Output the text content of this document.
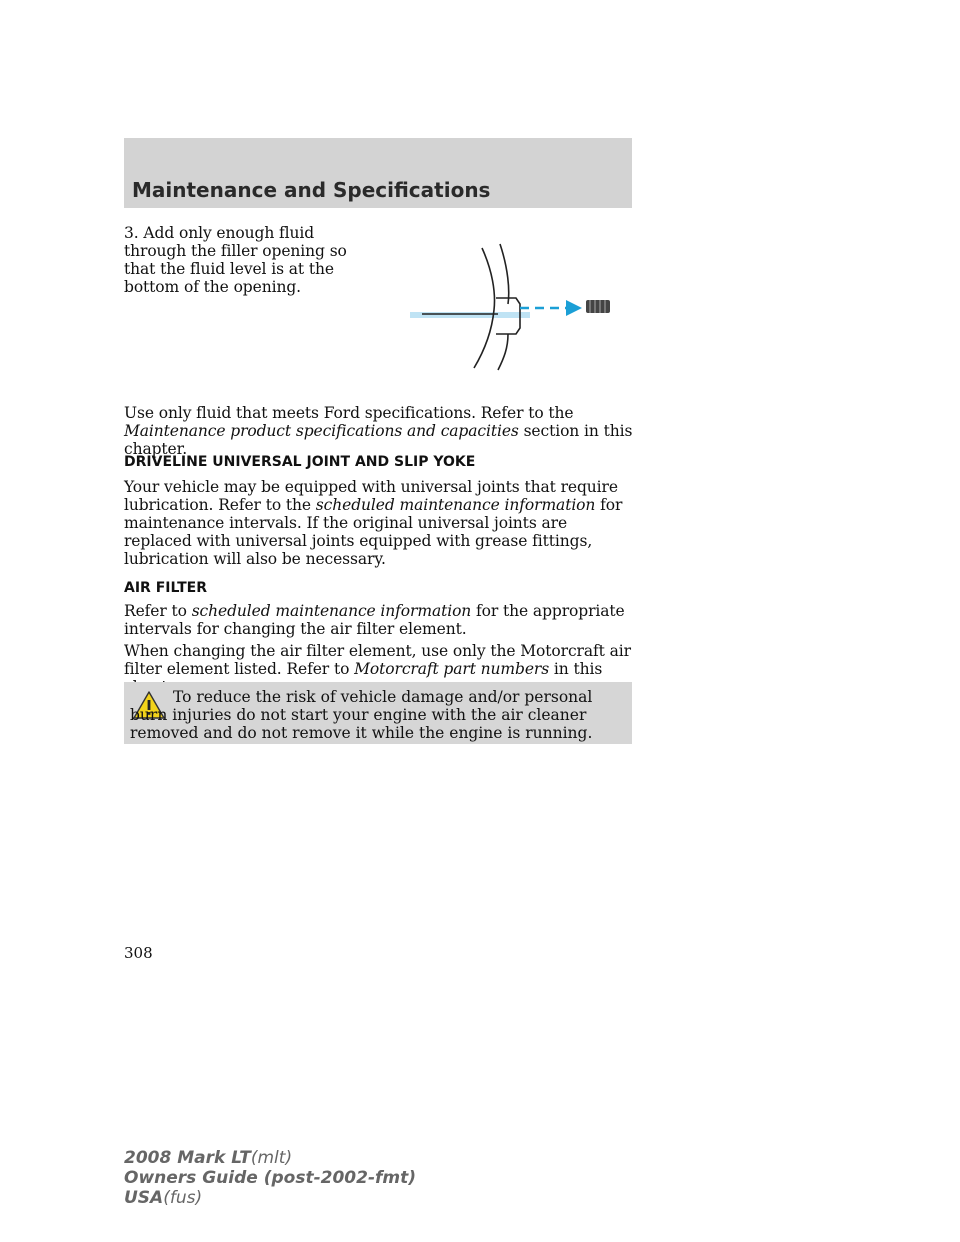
Maintenance and Specifications
3. Add only enough fluid through the filler opening so that the fluid level is at the bottom of the opening.
Use only fluid that meets Ford specifications. Refer to the Maintenance product specifications and capacities section in this chapter.
DRIVELINE UNIVERSAL JOINT AND SLIP YOKE
Your vehicle may be equipped with universal joints that require lubrication. Refer to the scheduled maintenance information for maintenance intervals. If the original universal joints are replaced with universal joints equipped with grease fittings, lubrication will also be necessary.
AIR FILTER
Refer to scheduled maintenance information for the appropriate intervals for changing the air filter element.
When changing the air filter element, use only the Motorcraft air filter element listed. Refer to Motorcraft part numbers in this
To reduce the risk of vehicle damage and/or personal burn injuries do not start your engine with the air cleaner removed and do not remove it while the engine is running.
308
2008 Mark LT(mlt)
Owners Guide (post-2002-fmt)
USA(fus)
